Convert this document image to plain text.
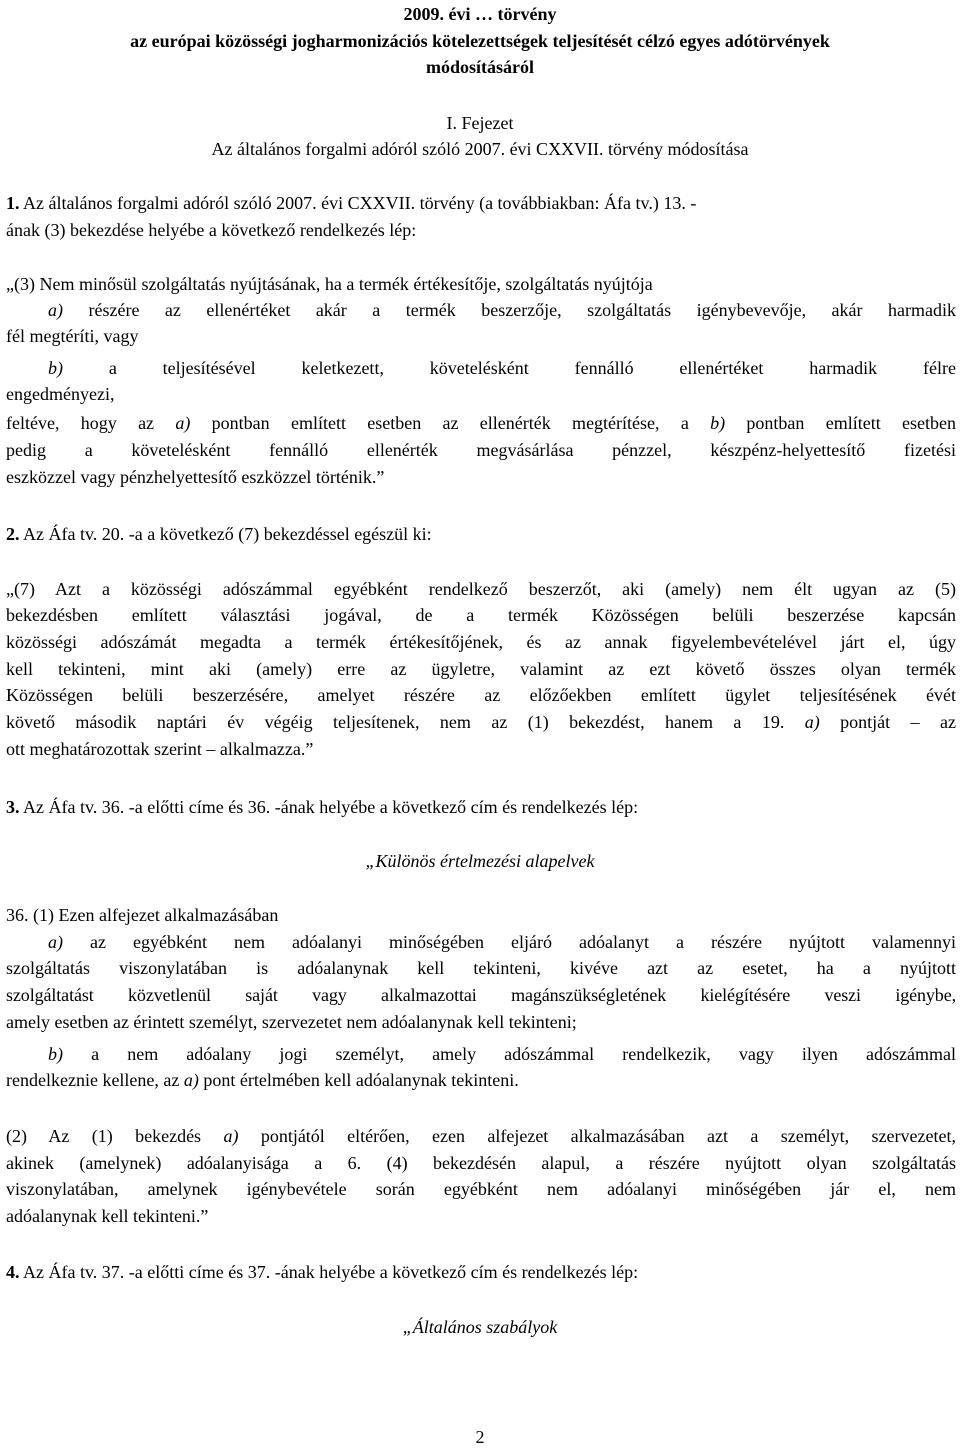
2009. évi … törvény
az európai közösségi jogharmonizációs kötelezettségek teljesítését célzó egyes adótörvények
módosításáról
I. Fejezet
Az általános forgalmi adóról szóló 2007. évi CXXVII. törvény módosítása
1. Az általános forgalmi adóról szóló 2007. évi CXXVII. törvény (a továbbiakban: Áfa tv.) 13. -
ának (3) bekezdése helyébe a következő rendelkezés lép:
„(3) Nem minősül szolgáltatás nyújtásának, ha a termék értékesítője, szolgáltatás nyújtója
a) részére az ellenértéket akár a termék beszerzője, szolgáltatás igénybevevője, akár harmadik
fél megtéríti, vagy
b) a teljesítésével keletkezett, követelésként fennálló ellenértéket harmadik félre
engedményezi,
feltéve, hogy az a) pontban említett esetben az ellenérték megtérítése, a b) pontban említett esetben
pedig a követelésként fennálló ellenérték megvásárlása pénzzel, készpénz-helyettesítő fizetési
eszközzel vagy pénzhelyettesítő eszközzel történik.”
2. Az Áfa tv. 20. -a a következő (7) bekezdéssel egészül ki:
„(7) Azt a közösségi adószámmal egyébként rendelkező beszerzőt, aki (amely) nem élt ugyan az (5)
bekezdésben említett választási jogával, de a termék Közösségen belüli beszerzése kapcsán
közösségi adószámát megadta a termék értékesítőjének, és az annak figyelembevételével járt el, úgy
kell tekinteni, mint aki (amely) erre az ügyletre, valamint az ezt követő összes olyan termék
Közösségen belüli beszerzésére, amelyet részére az előzőekben említett ügylet teljesítésének évét
követő második naptári év végéig teljesítenek, nem az (1) bekezdést, hanem a 19. a) pontját – az
ott meghatározottak szerint – alkalmazza.”
3. Az Áfa tv. 36. -a előtti címe és 36. -ának helyébe a következő cím és rendelkezés lép:
„Különös értelmezési alapelvek
36. (1) Ezen alfejezet alkalmazásában
a) az egyébként nem adóalanyi minőségében eljáró adóalanyt a részére nyújtott valamennyi
szolgáltatás viszonylatában is adóalanynak kell tekinteni, kivéve azt az esetet, ha a nyújtott
szolgáltatást közvetlenül saját vagy alkalmazottai magánszükségletének kielégítésére veszi igénybe,
amely esetben az érintett személyt, szervezetet nem adóalanynak kell tekinteni;
b) a nem adóalany jogi személyt, amely adószámmal rendelkezik, vagy ilyen adószámmal
rendelkeznie kellene, az a) pont értelmében kell adóalanynak tekinteni.
(2) Az (1) bekezdés a) pontjától eltérően, ezen alfejezet alkalmazásában azt a személyt, szervezetet,
akinek (amelynek) adóalanyisága a 6. (4) bekezdésén alapul, a részére nyújtott olyan szolgáltatás
viszonylatában, amelynek igénybevétele során egyébként nem adóalanyi minőségében jár el, nem
adóalanynak kell tekinteni.”
4. Az Áfa tv. 37. -a előtti címe és 37. -ának helyébe a következő cím és rendelkezés lép:
„Általános szabályok
2
